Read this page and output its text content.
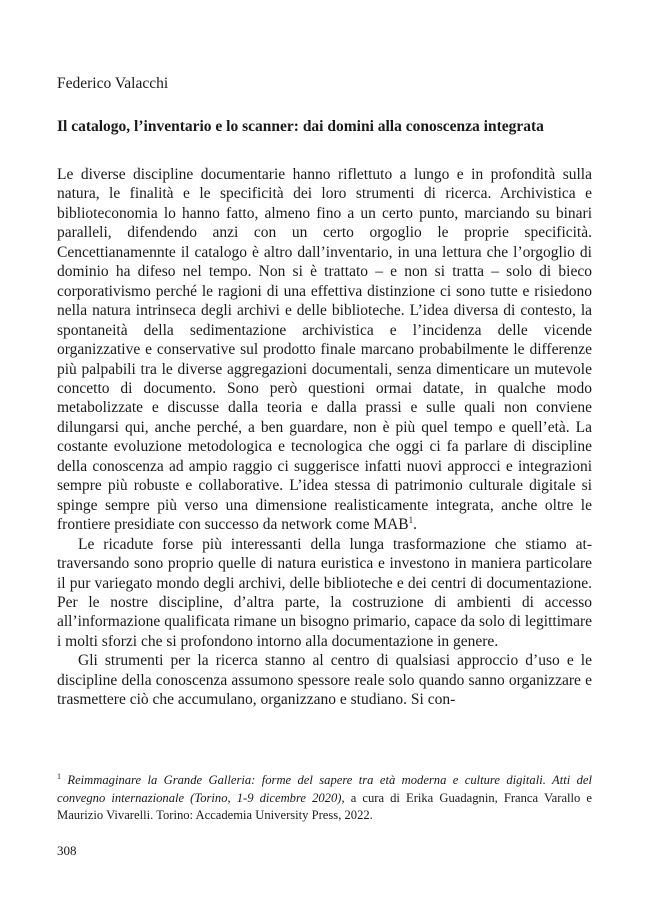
Federico Valacchi

Il catalogo, l’inventario e lo scanner: dai domini alla conoscenza integrata

Le diverse discipline documentarie hanno riflettuto a lungo e in profondità sulla natura, le finalità e le specificità dei loro strumenti di ricerca. Archivistica e biblioteconomia lo hanno fatto, almeno fino a un certo punto, marciando su binari paralleli, difendendo anzi con un certo orgoglio le proprie specificità. Cencettianamennte il catalogo è altro dall’inventario, in una lettura che l’orgoglio di dominio ha difeso nel tempo. Non si è trattato – e non si tratta – solo di bieco corporativismo perché le ragioni di una effettiva distinzione ci sono tutte e risiedono nella natura intrinseca degli archivi e delle biblioteche. L’idea diversa di contesto, la spontaneità della sedimentazione archivistica e l’incidenza delle vicende organizzative e conservative sul prodotto finale marcano probabilmente le differenze più palpabili tra le diverse aggregazioni documentali, senza dimenticare un mutevole concetto di documento. Sono però questioni ormai datate, in qualche modo metabolizzate e discusse dalla teoria e dalla prassi e sulle quali non conviene dilungarsi qui, anche perché, a ben guardare, non è più quel tempo e quell’età. La costante evoluzione metodologica e tecnologica che oggi ci fa parlare di discipline della conoscenza ad ampio raggio ci suggerisce infatti nuovi approcci e integrazioni sempre più robuste e collaborative. L’idea stessa di patrimonio culturale digitale si spinge sempre più verso una dimensione realisticamente integrata, anche oltre le frontiere presidiate con successo da network come MAB$^1$.

Le ricadute forse più interessanti della lunga trasformazione che stiamo attraversando sono proprio quelle di natura euristica e investono in maniera particolare il pur variegato mondo degli archivi, delle biblioteche e dei centri di documentazione. Per le nostre discipline, d’altra parte, la costruzione di ambienti di accesso all’informazione qualificata rimane un bisogno primario, capace da solo di legittimare i molti sforzi che si profondono intorno alla documentazione in genere.

Gli strumenti per la ricerca stanno al centro di qualsiasi approccio d’uso e le discipline della conoscenza assumono spessore reale solo quando sanno organizzare e trasmettere ciò che accumulano, organizzano e studiano. Si con-

$^1$ Reimmaginare la Grande Galleria: forme del sapere tra età moderna e culture digitali. Atti del convegno internazionale (Torino, 1-9 dicembre 2020), a cura di Erika Guadagnin, Franca Varallo e Maurizio Vivarelli. Torino: Accademia University Press, 2022.

308
